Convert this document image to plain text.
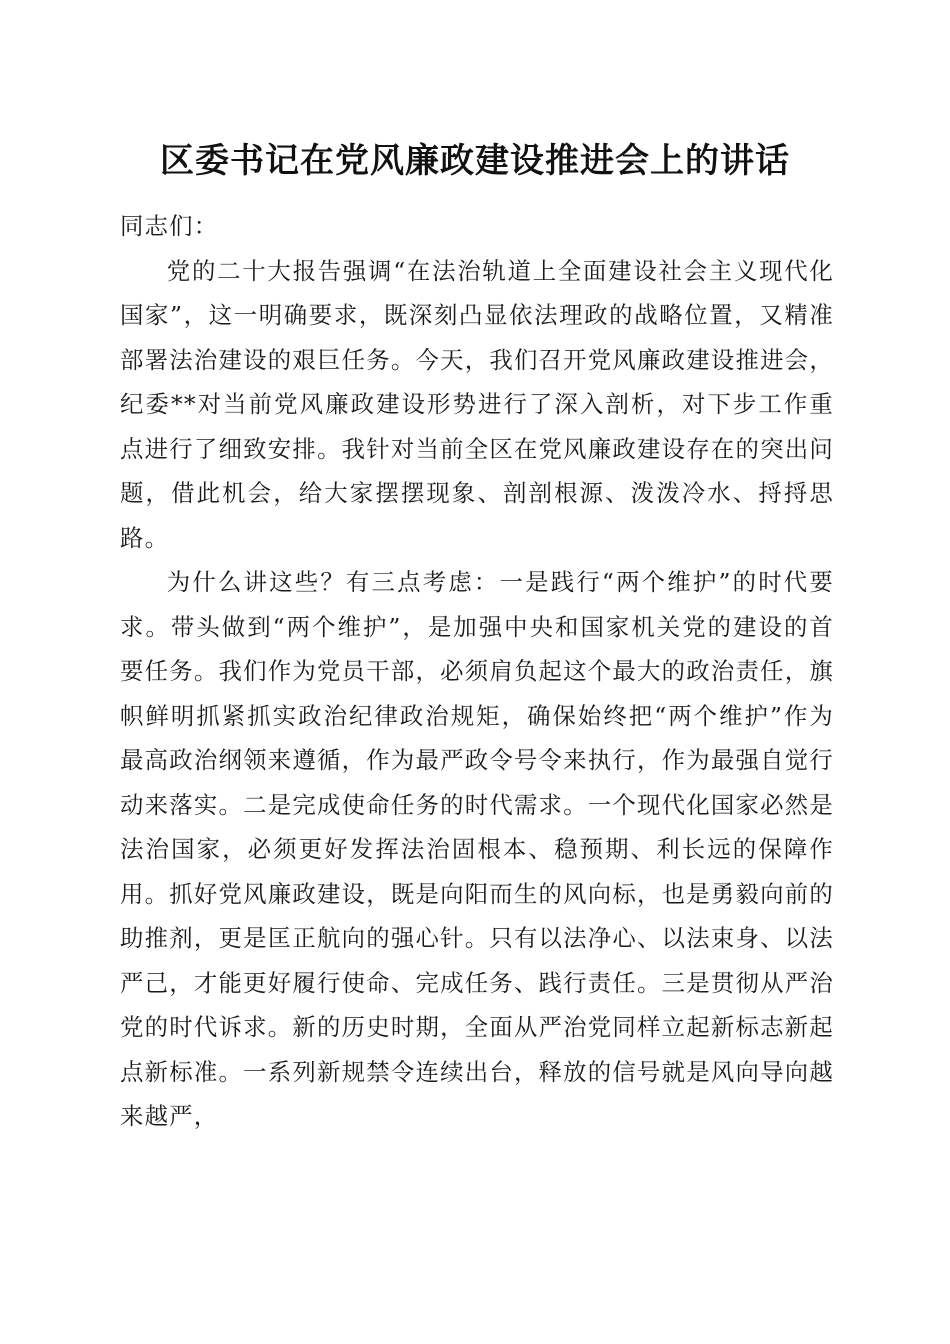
区委书记在党风廉政建设推进会上的讲话

同志们：

党的二十大报告强调“在法治轨道上全面建设社会主义现代化国家”，这一明确要求，既深刻凸显依法理政的战略位置，又精准部署法治建设的艰巨任务。今天，我们召开党风廉政建设推进会，纪委**对当前党风廉政建设形势进行了深入剖析，对下步工作重点进行了细致安排。我针对当前全区在党风廉政建设存在的突出问题，借此机会，给大家摆摆现象、剖剖根源、泼泼冷水、捋捋思路。

为什么讲这些？有三点考虑：一是践行“两个维护”的时代要求。带头做到“两个维护”，是加强中央和国家机关党的建设的首要任务。我们作为党员干部，必须肩负起这个最大的政治责任，旗帜鲜明抓紧抓实政治纪律政治规矩，确保始终把“两个维护”作为最高政治纲领来遵循，作为最严政令号令来执行，作为最强自觉行动来落实。二是完成使命任务的时代需求。一个现代化国家必然是法治国家，必须更好发挥法治固根本、稳预期、利长远的保障作用。抓好党风廉政建设，既是向阳而生的风向标，也是勇毅向前的助推剂，更是匡正航向的强心针。只有以法净心、以法束身、以法严己，才能更好履行使命、完成任务、践行责任。三是贯彻从严治党的时代诉求。新的历史时期，全面从严治党同样立起新标志新起点新标准。一系列新规禁令连续出台，释放的信号就是风向导向越来越严，
